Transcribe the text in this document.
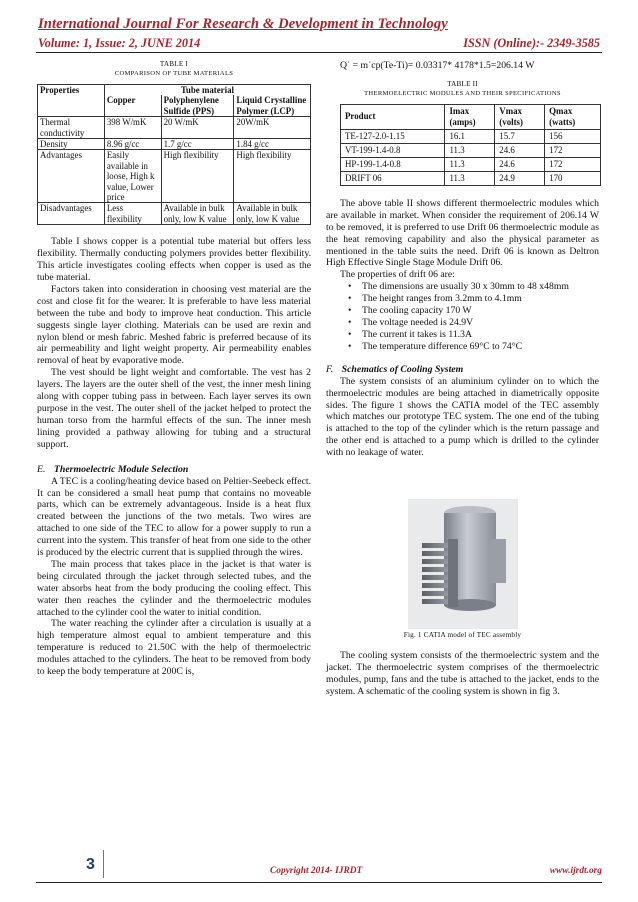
International Journal For Research & Development in Technology
Volume: 1, Issue: 2, JUNE 2014	ISSN (Online):- 2349-3585
TABLE I
COMPARISON OF TUBE MATERIALS
Properties	Tube material		
	Copper	Polyphenylene Sulfide (PPS)	Liquid Crystalline Polymer (LCP)
Thermal conductivity	398 W/mK	20 W/mK	20W/mK
Density	8.96 g/cc	1.7 g/cc	1.84 g/cc
Advantages	Easily available in loose, High k value, Lower price	High flexibility	High flexibility
Disadvantages	Less flexibility	Available in bulk only, low K value	Available in bulk only, low K value

Table I shows copper is a potential tube material but offers less flexibility. Thermally conducting polymers provides better flexibility. This article investigates cooling effects when copper is used as the tube material.

Factors taken into consideration in choosing vest material are the cost and close fit for the wearer. It is preferable to have less material between the tube and body to improve heat conduction. This article suggests single layer clothing. Materials can be used are rexin and nylon blend or mesh fabric. Meshed fabric is preferred because of its air permeability and light weight property. Air permeability enables removal of heat by evaporative mode.

The vest should be light weight and comfortable. The vest has 2 layers. The layers are the outer shell of the vest, the inner mesh lining along with copper tubing pass in between. Each layer serves its own purpose in the vest. The outer shell of the jacket helped to protect the human torso from the harmful effects of the sun. The inner mesh lining provided a pathway allowing for tubing and a structural support.

E. Thermoelectric Module Selection

A TEC is a cooling/heating device based on Peltier‑Seebeck effect. It can be considered a small heat pump that contains no moveable parts, which can be extremely advantageous. Inside is a heat flux created between the junctions of the two metals. Two wires are attached to one side of the TEC to allow for a power supply to run a current into the system. This transfer of heat from one side to the other is produced by the electric current that is supplied through the wires.

The main process that takes place in the jacket is that water is being circulated through the jacket through selected tubes, and the water absorbs heat from the body producing the cooling effect. This water then reaches the cylinder and the thermoelectric modules attached to the cylinder cool the water to initial condition.

The water reaching the cylinder after a circulation is usually at a high temperature almost equal to ambient temperature and this temperature is reduced to 21.50C with the help of thermoelectric modules attached to the cylinders. The heat to be removed from body to keep the body temperature at 200C is,

Q˙ = m˙cp(Te-Ti)= 0.03317* 4178*1.5=206.14 W

TABLE II
THERMOELECTRIC MODULES AND THEIR SPECIFICATIONS
Product	Imax (amps)	Vmax (volts)	Qmax (watts)
TE-127-2.0-1.15	16.1	15.7	156
VT-199-1.4-0.8	11.3	24.6	172
HP-199-1.4-0.8	11.3	24.6	172
DRIFT 06	11.3	24.9	170

The above table II shows different thermoelectric modules which are available in market. When consider the requirement of 206.14 W to be removed, it is preferred to use Drift 06 thermoelectric module as the heat removing capability and also the physical parameter as mentioned in the table suits the need. Drift 06 is known as Deltron High Effective Single Stage Module Drift 06.

The properties of drift 06 are:

• The dimensions are usually 30 x 30mm to 48 x48mm
• The height ranges from 3.2mm to 4.1mm
• The cooling capacity 170 W
• The voltage needed is 24.9V
• The current it takes is 11.3A
• The temperature difference 69°C to 74°C
F. Schematics of Cooling System

The system consists of an aluminium cylinder on to which the thermoelectric modules are being attached in diametrically opposite sides. The figure 1 shows the CATIA model of the TEC assembly which matches our prototype TEC system. The one end of the tubing is attached to the top of the cylinder which is the return passage and the other end is attached to a pump which is drilled to the cylinder with no leakage of water.

Fig. 1 CATIA model of TEC assembly

The cooling system consists of the thermoelectric system and the jacket. The thermoelectric system comprises of the thermoelectric modules, pump, fans and the tube is attached to the jacket, ends to the system. A schematic of the cooling system is shown in fig 3.

3	Copyright 2014- IJRDT	www.ijrdt.org
